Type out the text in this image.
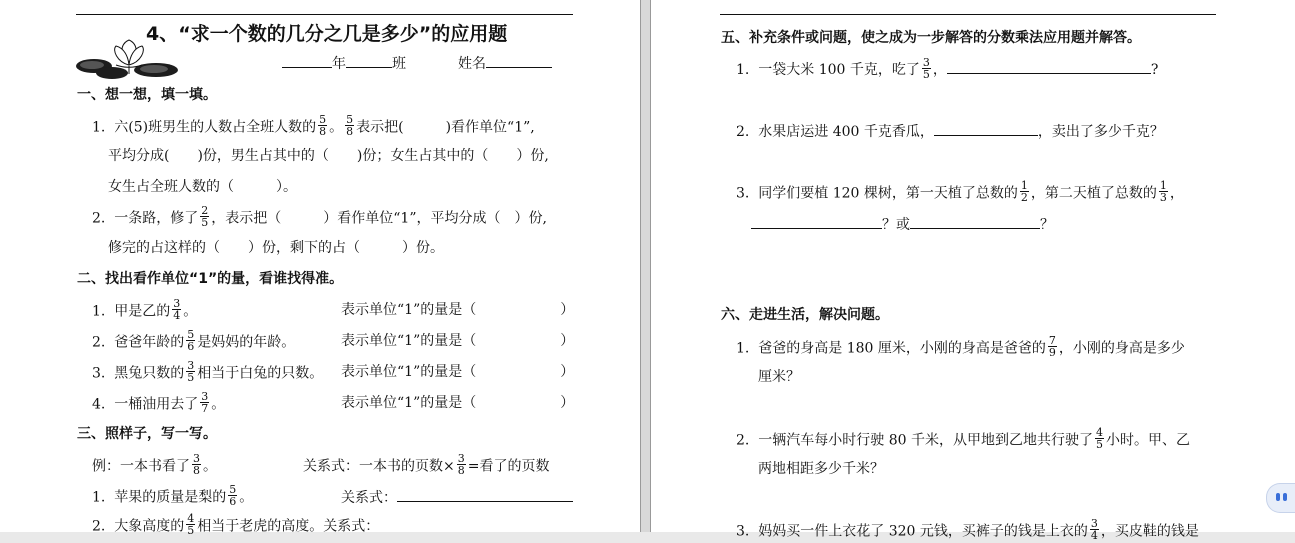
4、“求一个数的几分之几是多少”的应用题
年	班	姓名
一、想一想，填一填。
1. 六(5)班男生的人数占全班人数的 $\frac{5}{8}$ 。 $\frac{5}{8}$ 表示把(　　　)看作单位“1”,
平均分成(　　)份，男生占其中的（　　)份；女生占其中的（　　）份,
女生占全班人数的（　　　）。
2. 一条路，修了 $\frac{2}{5}$ ，表示把（　　　）看作单位“1”，平均分成（　）份,
修完的占这样的（　　）份，剩下的占（　　　）份。
二、找出看作单位“1”的量，看谁找得准。
1. 甲是乙的 $\frac{3}{4}$ 。	表示单位“1”的量是（　　　　　　）
2. 爸爸年龄的 $\frac{5}{6}$ 是妈妈的年龄。	表示单位“1”的量是（　　　　　　）
3. 黑兔只数的 $\frac{3}{5}$ 相当于白兔的只数。 表示单位“1”的量是（　　　　　　）
4. 一桶油用去了 $\frac{3}{7}$ 。	表示单位“1”的量是（　　　　　　）
三、照样子，写一写。
例：一本书看了 $\frac{3}{8}$ 。	关系式：一本书的页数× $\frac{3}{8}$ =看了的页数
1. 苹果的质量是梨的 $\frac{5}{6}$ 。	关系式：
2. 大象高度的 $\frac{4}{5}$ 相当于老虎的高度。关系式：
五、补充条件或问题，使之成为一步解答的分数乘法应用题并解答。
1. 一袋大米 100 千克，吃了 $\frac{3}{5}$ ，	?
2. 水果店运进 400 千克香瓜，	，卖出了多少千克？
3. 同学们要植 120 棵树，第一天植了总数的 $\frac{1}{2}$ ，第二天植了总数的 $\frac{1}{3}$ ，
？或	？
六、走进生活，解决问题。
1. 爸爸的身高是 180 厘米，小刚的身高是爸爸的 $\frac{7}{9}$ ，小刚的身高是多少
厘米？
2. 一辆汽车每小时行驶 80 千米，从甲地到乙地共行驶了 $\frac{4}{5}$ 小时。甲、乙
两地相距多少千米？
3. 妈妈买一件上衣花了 320 元钱，买裤子的钱是上衣的 $\frac{3}{4}$ ，买皮鞋的钱是
